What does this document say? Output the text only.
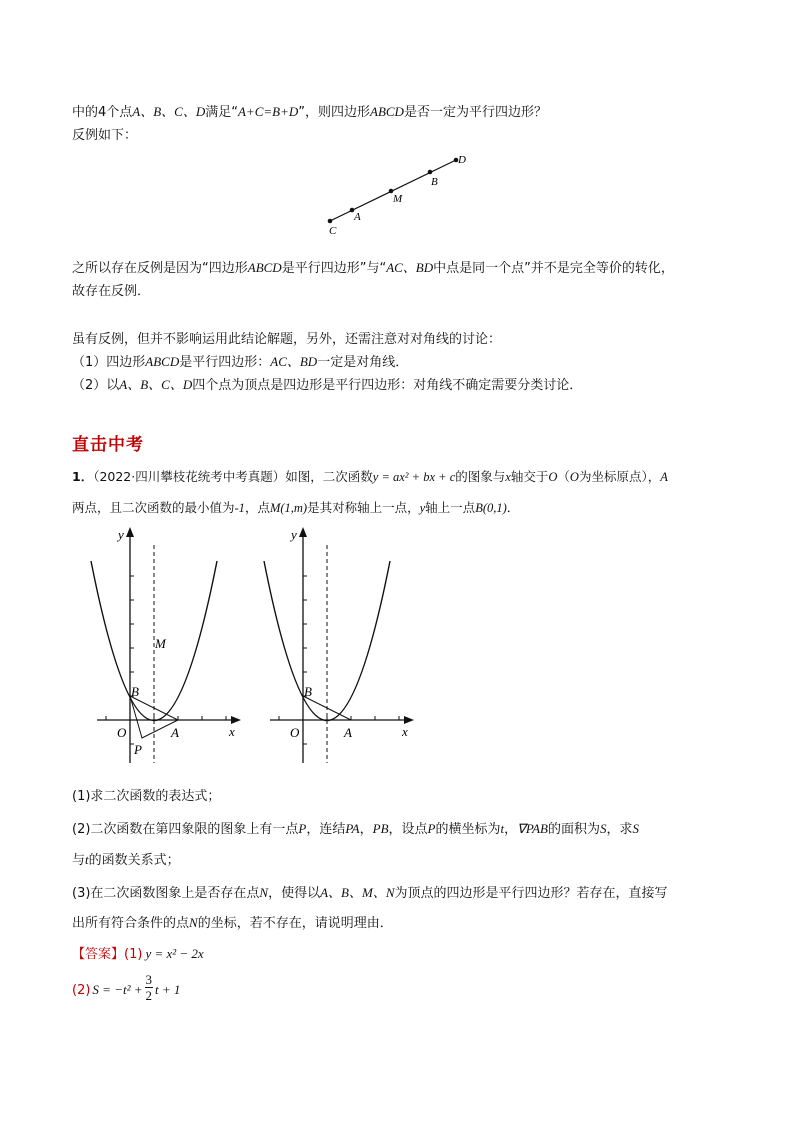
中的4个点A、B、C、D满足“A+C=B+D”，则四边形ABCD是否一定为平行四边形？
反例如下：
D
B
M
A
C
之所以存在反例是因为“四边形ABCD是平行四边形”与“AC、BD中点是同一个点”并不是完全等价的转化，
故存在反例．
虽有反例，但并不影响运用此结论解题，另外，还需注意对对角线的讨论：
（1）四边形ABCD是平行四边形：AC、BD一定是对角线．
（2）以A、B、C、D四个点为顶点是四边形是平行四边形：对角线不确定需要分类讨论．
直击中考
1．（2022·四川攀枝花统考中考真题）如图，二次函数y = ax² + bx + c的图象与x轴交于O（O为坐标原点），A
两点，且二次函数的最小值为-1，点M(1,m)是其对称轴上一点，y轴上一点B(0,1)．
y
x
O	A
B
M
P
y
x
O	A
B
(1)求二次函数的表达式；
(2)二次函数在第四象限的图象上有一点P，连结PA，PB，设点P的横坐标为t，∇PAB的面积为S，求S
与t的函数关系式；
(3)在二次函数图象上是否存在点N，使得以A、B、M、N为顶点的四边形是平行四边形？若存在，直接写
出所有符合条件的点N的坐标，若不存在，请说明理由．
【答案】(1) y = x² − 2x
(2) $S = -t^2 + \frac{3}{2}$ t + 1
